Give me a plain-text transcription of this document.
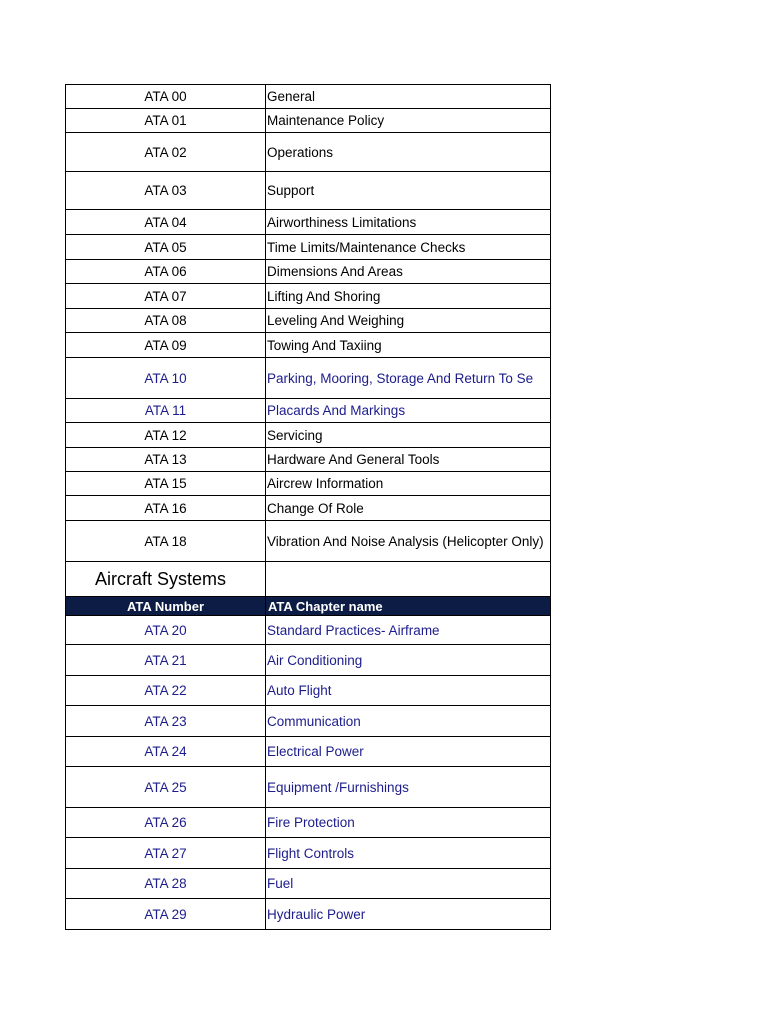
ATA 00	General
ATA 01	Maintenance Policy
ATA 02	Operations
ATA 03	Support
ATA 04	Airworthiness Limitations
ATA 05	Time Limits/Maintenance Checks
ATA 06	Dimensions And Areas
ATA 07	Lifting And Shoring
ATA 08	Leveling And Weighing
ATA 09	Towing And Taxiing
ATA 10	Parking, Mooring, Storage And Return To Se
ATA 11	Placards And Markings
ATA 12	Servicing
ATA 13	Hardware And General Tools
ATA 15	Aircrew Information
ATA 16	Change Of Role
ATA 18	Vibration And Noise Analysis (Helicopter Only)
Aircraft Systems	
ATA Number	ATA Chapter name
ATA 20	Standard Practices- Airframe
ATA 21	Air Conditioning
ATA 22	Auto Flight
ATA 23	Communication
ATA 24	Electrical Power
ATA 25	Equipment /Furnishings
ATA 26	Fire Protection
ATA 27	Flight Controls
ATA 28	Fuel
ATA 29	Hydraulic Power
